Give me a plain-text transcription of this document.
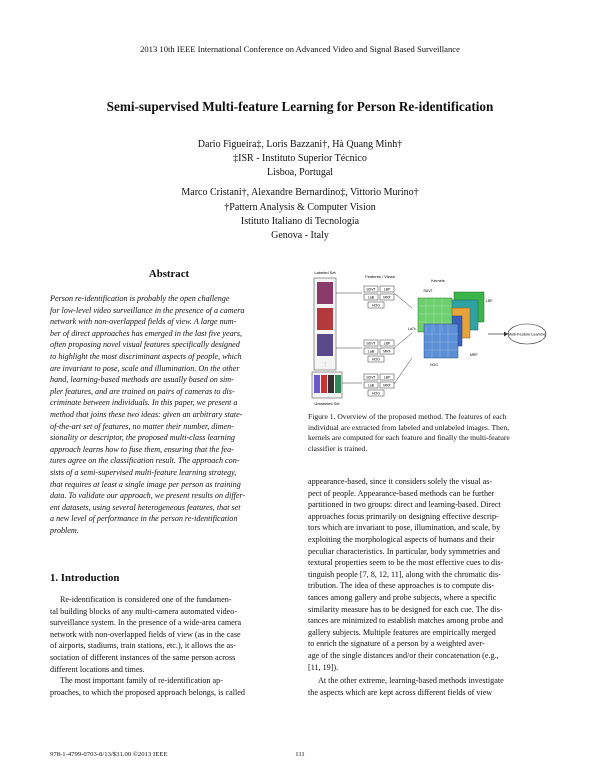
2013 10th IEEE International Conference on Advanced Video and Signal Based Surveillance
Semi-supervised Multi-feature Learning for Person Re-identification
Dario Figueira‡, Loris Bazzani†, Hà Quang Minh†
‡ISR - Instituto Superior Técnico
Lisboa, Portugal
Marco Cristani†, Alexandre Bernardino‡, Vittorio Murino†
†Pattern Analysis & Computer Vision
Istituto Italiano di Tecnologia
Genova - Italy
Abstract
Person re-identification is probably the open challenge
for low-level video surveillance in the presence of a camera
network with non-overlapped fields of view. A large num-
ber of direct approaches has emerged in the last five years,
often proposing novel visual features specifically designed
to highlight the most discriminant aspects of people, which
are invariant to pose, scale and illumination. On the other
hand, learning-based methods are usually based on sim-
pler features, and are trained on pairs of cameras to dis-
criminate between individuals. In this paper, we present a
method that joins these two ideas: given an arbitrary state-
of-the-art set of features, no matter their number, dimen-
sionality or descriptor, the proposed multi-class learning
approach learns how to fuse them, ensuring that the fea-
tures agree on the classification result. The approach con-
sists of a semi-supervised multi-feature learning strategy,
that requires at least a single image per person as training
data. To validate our approach, we present results on differ-
ent datasets, using several heterogeneous features, that set
a new level of performance in the person re-identification
problem.
1. Introduction
Re-identification is considered one of the fundamen-
tal building blocks of any multi-camera automated video-
surveillance system. In the presence of a wide-area camera
network with non-overlapped fields of view (as in the case
of airports, stadiums, train stations, etc.), it allows the as-
sociation of different instances of the same person across
different locations and times.
The most important family of re-identification ap-
proaches, to which the proposed approach belongs, is called
Labeled Set
⋮
Unlabeled Set
Features / Views
Kernels
SDVT LBP
LaB	MRF
HOG
SDVT LBP
LaB	MRF
HOG
SDVT LBP
LaB	MRF
HOG
SDVT
LBP
LaTx
MRF
HOG
Multi-Feature Learning
Figure 1. Overview of the proposed method. The features of each
individual are extracted from labeled and unlabeled images. Then,
kernels are computed for each feature and finally the multi-feature
classifier is trained.
appearance-based, since it considers solely the visual as-
pect of people. Appearance-based methods can be further
partitioned in two groups: direct and learning-based. Direct
approaches focus primarily on designing effective descrip-
tors which are invariant to pose, illumination, and scale, by
exploiting the morphological aspects of humans and their
peculiar characteristics. In particular, body symmetries and
textural properties seem to be the most effective cues to dis-
tinguish people [7, 8, 12, 11], along with the chromatic dis-
tribution. The idea of these approaches is to compute dis-
tances among gallery and probe subjects, where a specific
similarity measure has to be designed for each cue. The dis-
tances are minimized to establish matches among probe and
gallery subjects. Multiple features are empirically merged
to enrich the signature of a person by a weighted aver-
age of the single distances and/or their concatenation (e.g.,
[11, 19]).
At the other extreme, learning-based methods investigate
the aspects which are kept across different fields of view
978-1-4799-0703-8/13/$31.00 ©2013 IEEE	111
